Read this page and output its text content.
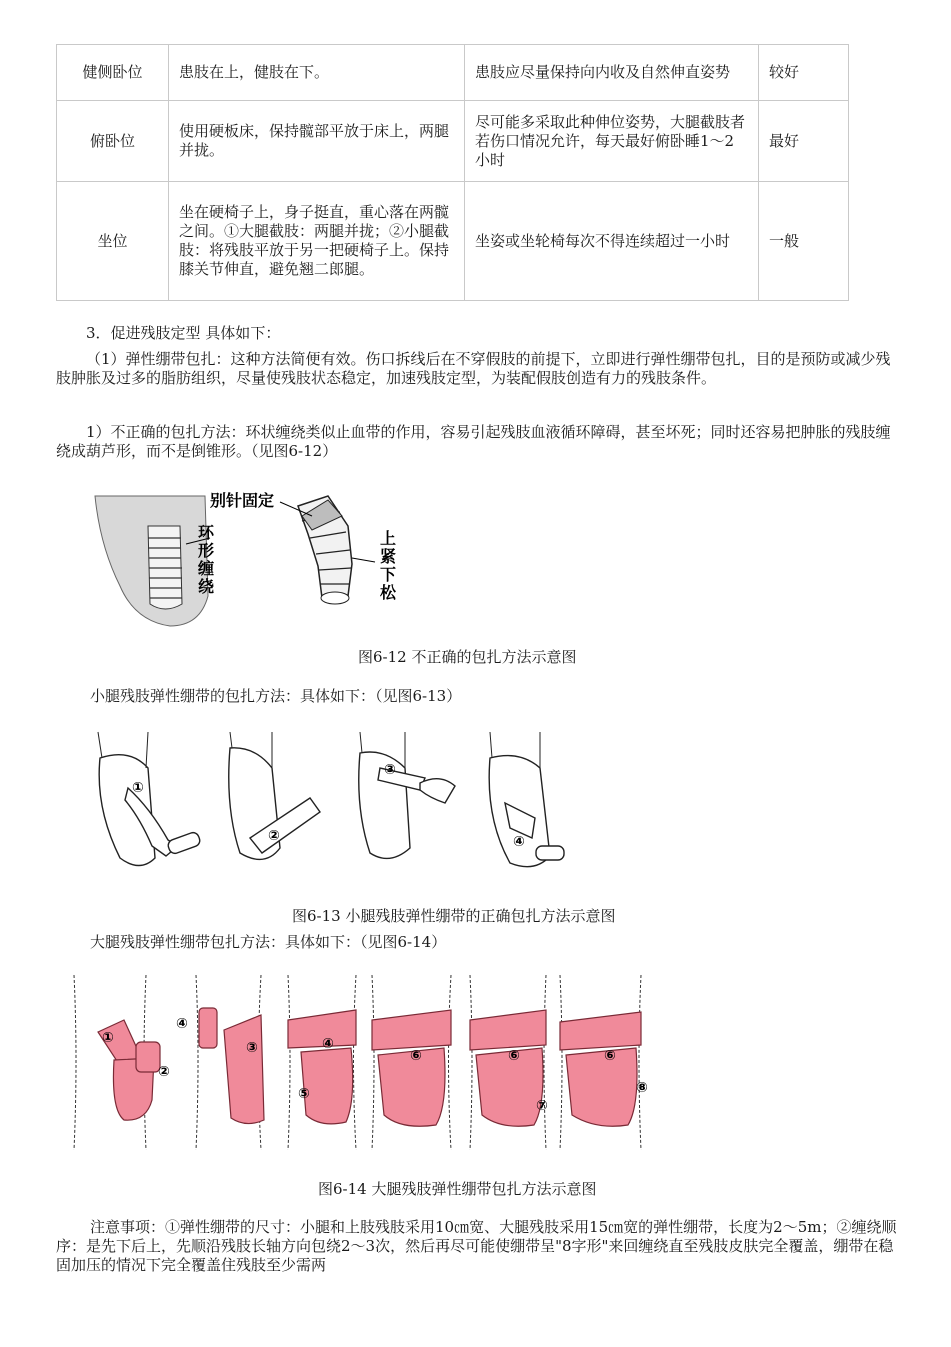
健侧卧位	患肢在上，健肢在下。	患肢应尽量保持向内收及自然伸直姿势	较好
俯卧位	使用硬板床，保持髋部平放于床上，两腿并拢。	尽可能多采取此种伸位姿势，大腿截肢者若伤口情况允许，每天最好俯卧睡1～2小时	最好
坐位	坐在硬椅子上，身子挺直，重心落在两髋之间。①大腿截肢：两腿并拢；②小腿截肢：将残肢平放于另一把硬椅子上。保持膝关节伸直，避免翘二郎腿。	坐姿或坐轮椅每次不得连续超过一小时	一般

3．促进残肢定型 具体如下：

（1）弹性绷带包扎：这种方法简便有效。伤口拆线后在不穿假肢的前提下，立即进行弹性绷带包扎，目的是预防或减少残肢肿胀及过多的脂肪组织，尽量使残肢状态稳定，加速残肢定型，为装配假肢创造有力的残肢条件。

1）不正确的包扎方法：环状缠绕类似止血带的作用，容易引起残肢血液循环障碍，甚至坏死；同时还容易把肿胀的残肢缠绕成葫芦形，而不是倒锥形。（见图6-12）

别针固定
环
形
缠
绕
上
紧
下
松

图6-12 不正确的包扎方法示意图

小腿残肢弹性绷带的包扎方法：具体如下：（见图6-13）

①
②
③
④

图6-13 小腿残肢弹性绷带的正确包扎方法示意图

大腿残肢弹性绷带包扎方法：具体如下：（见图6-14）

①
②
④
③	④
⑤
⑥	⑥
⑦
⑥
⑧

图6-14 大腿残肢弹性绷带包扎方法示意图

注意事项：①弹性绷带的尺寸：小腿和上肢残肢采用10㎝宽、大腿残肢采用15㎝宽的弹性绷带，长度为2～5m；②缠绕顺序：是先下后上，先顺沿残肢长轴方向包绕2～3次，然后再尽可能使绷带呈"8字形"来回缠绕直至残肢皮肤完全覆盖，绷带在稳固加压的情况下完全覆盖住残肢至少需两
